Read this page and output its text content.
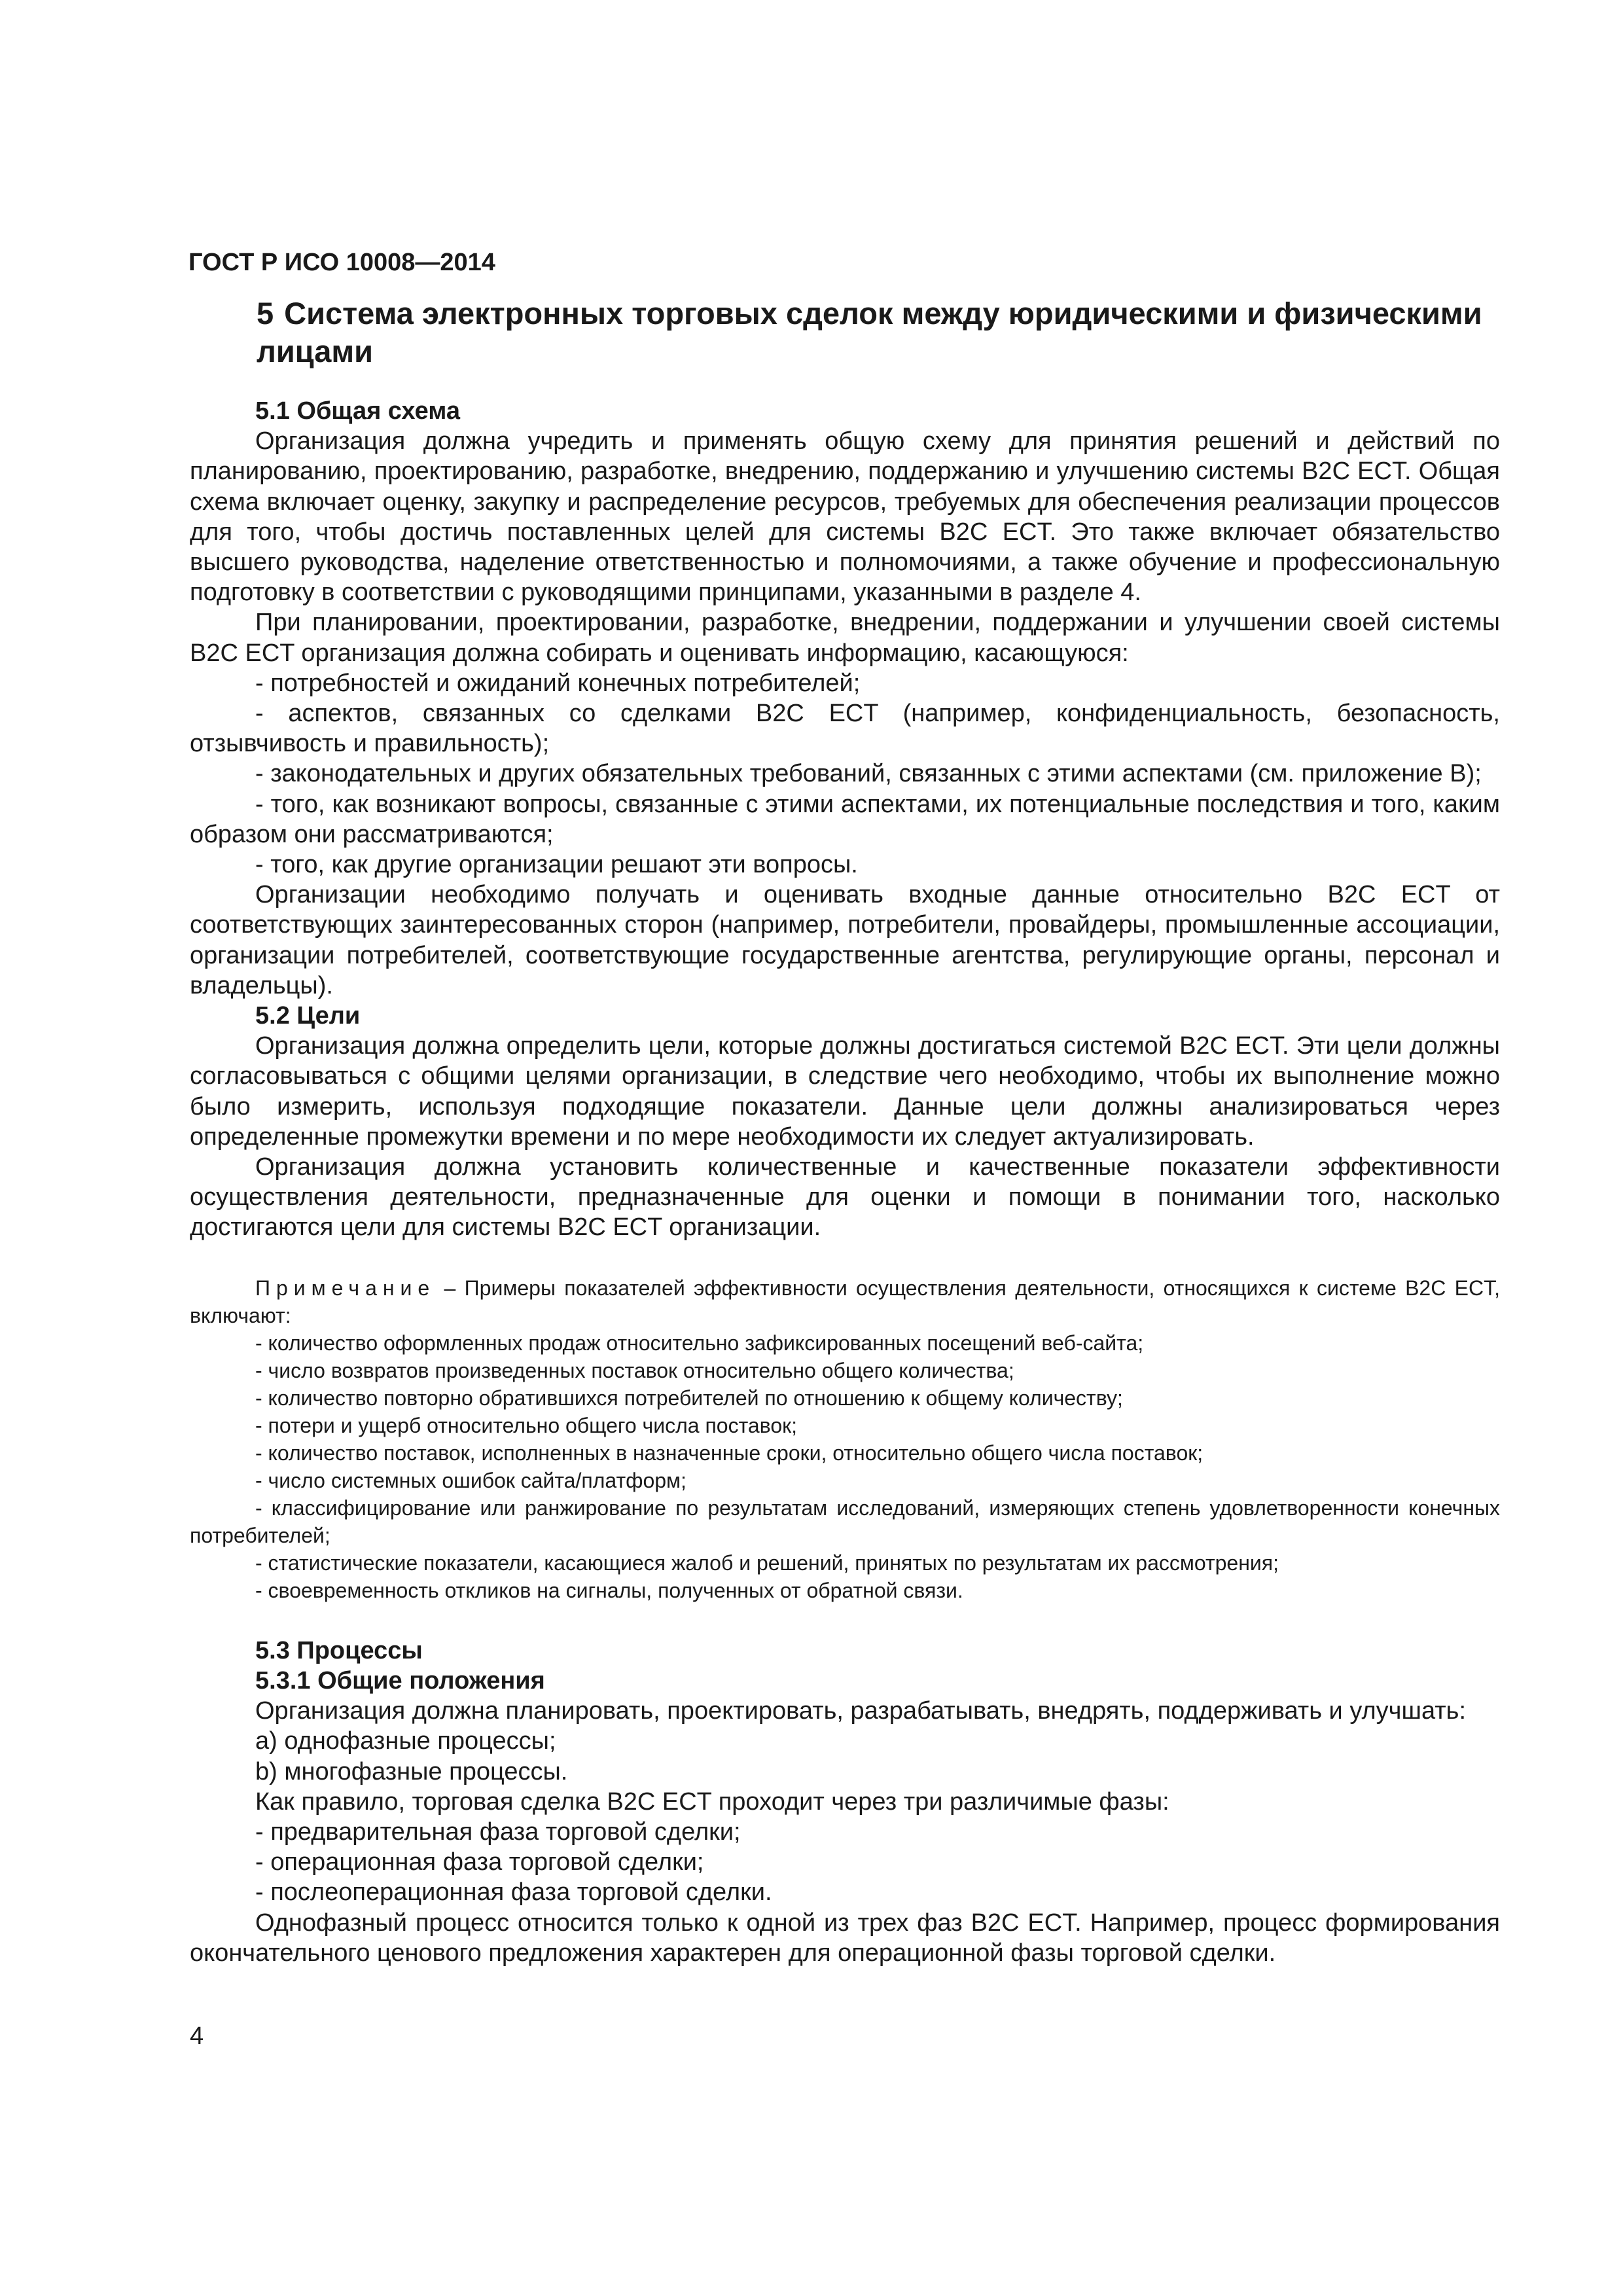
ГОСТ Р ИСО 10008—2014
5 Система электронных торговых сделок между юридическими и физическими лицами

5.1 Общая схема

Организация должна учредить и применять общую схему для принятия решений и действий по планированию, проектированию, разработке, внедрению, поддержанию и улучшению системы B2C ECT. Общая схема включает оценку, закупку и распределение ресурсов, требуемых для обеспечения реализации процессов для того, чтобы достичь поставленных целей для системы B2C ECT. Это также включает обязательство высшего руководства, наделение ответственностью и полномочиями, а также обучение и профессиональную подготовку в соответствии с руководящими принципами, указанными в разделе 4.

При планировании, проектировании, разработке, внедрении, поддержании и улучшении своей системы B2C ECT организация должна собирать и оценивать информацию, касающуюся:

- потребностей и ожиданий конечных потребителей;

- аспектов, связанных со сделками B2C ECT (например, конфиденциальность, безопасность, отзывчивость и правильность);

- законодательных и других обязательных требований, связанных с этими аспектами (см. приложение B);

- того, как возникают вопросы, связанные с этими аспектами, их потенциальные последствия и того, каким образом они рассматриваются;

- того, как другие организации решают эти вопросы.

Организации необходимо получать и оценивать входные данные относительно B2C ECT от соответствующих заинтересованных сторон (например, потребители, провайдеры, промышленные ассоциации, организации потребителей, соответствующие государственные агентства, регулирующие органы, персонал и владельцы).

5.2 Цели

Организация должна определить цели, которые должны достигаться системой B2C ECT. Эти цели должны согласовываться с общими целями организации, в следствие чего необходимо, чтобы их выполнение можно было измерить, используя подходящие показатели. Данные цели должны анализироваться через определенные промежутки времени и по мере необходимости их следует актуализировать.

Организация должна установить количественные и качественные показатели эффективности осуществления деятельности, предназначенные для оценки и помощи в понимании того, насколько достигаются цели для системы B2C ECT организации.

Примечание – Примеры показателей эффективности осуществления деятельности, относящихся к системе B2C ECT, включают:

- количество оформленных продаж относительно зафиксированных посещений веб-сайта;

- число возвратов произведенных поставок относительно общего количества;

- количество повторно обратившихся потребителей по отношению к общему количеству;

- потери и ущерб относительно общего числа поставок;

- количество поставок, исполненных в назначенные сроки, относительно общего числа поставок;

- число системных ошибок сайта/платформ;

- классифицирование или ранжирование по результатам исследований, измеряющих степень удовлетворенности конечных потребителей;

- статистические показатели, касающиеся жалоб и решений, принятых по результатам их рассмотрения;

- своевременность откликов на сигналы, полученных от обратной связи.

5.3 Процессы

5.3.1 Общие положения

Организация должна планировать, проектировать, разрабатывать, внедрять, поддерживать и улучшать:

a) однофазные процессы;

b) многофазные процессы.

Как правило, торговая сделка B2C ECT проходит через три различимые фазы:

- предварительная фаза торговой сделки;

- операционная фаза торговой сделки;

- послеоперационная фаза торговой сделки.

Однофазный процесс относится только к одной из трех фаз B2C ECT. Например, процесс формирования окончательного ценового предложения характерен для операционной фазы торговой сделки.

4
